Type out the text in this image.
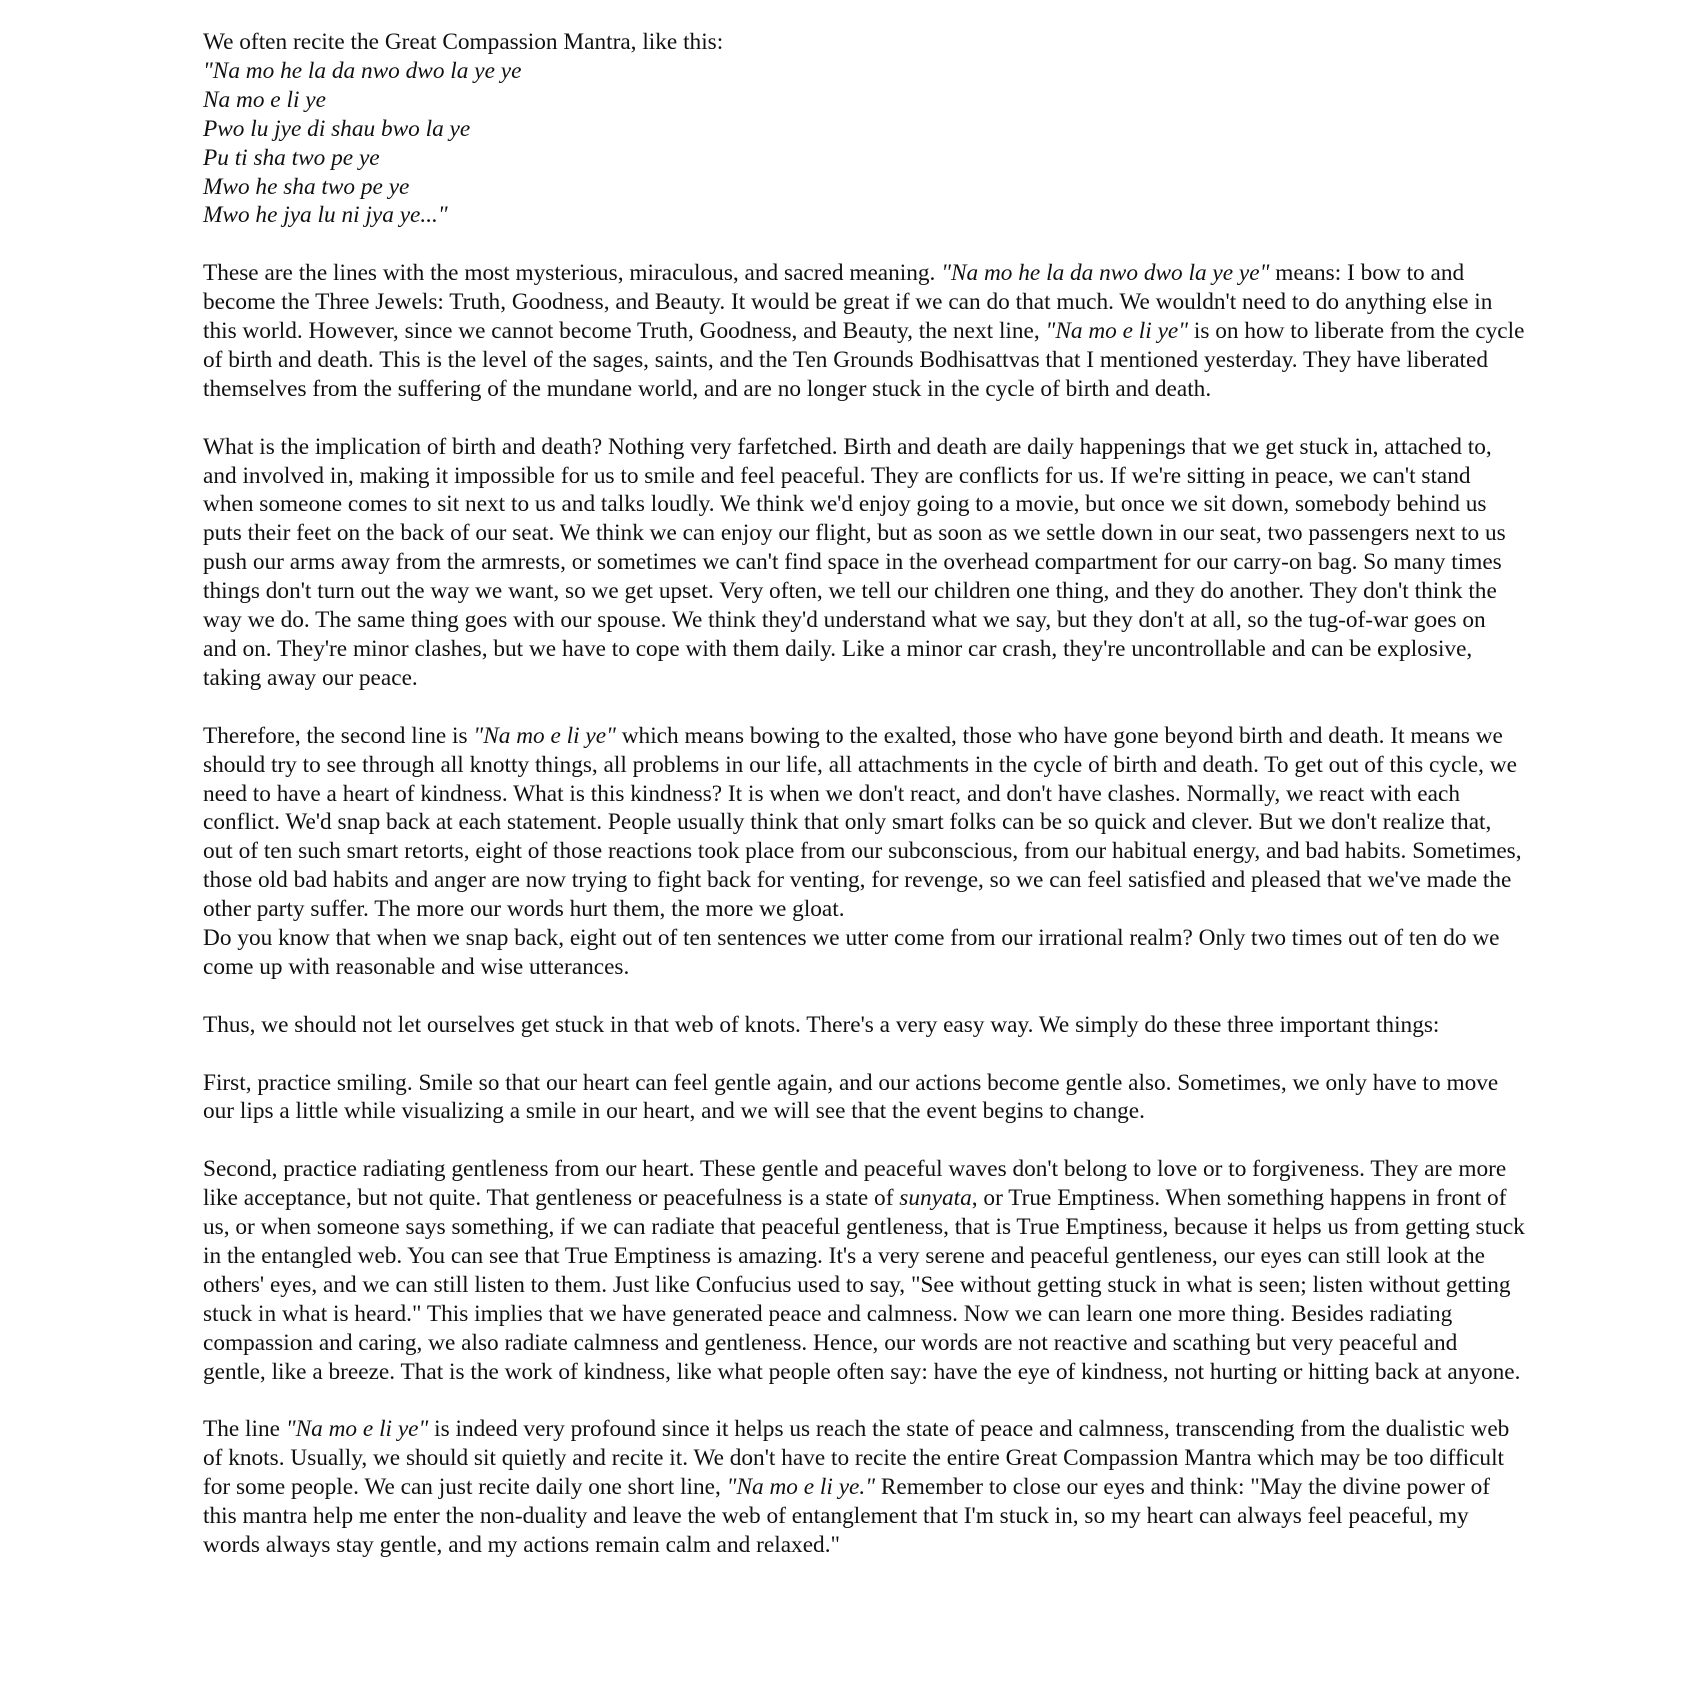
We often recite the Great Compassion Mantra, like this:
"Na mo he la da nwo dwo la ye ye
Na mo e li ye
Pwo lu jye di shau bwo la ye
Pu ti sha two pe ye
Mwo he sha two pe ye
Mwo he jya lu ni jya ye..."

These are the lines with the most mysterious, miraculous, and sacred meaning. "Na mo he la da nwo dwo la ye ye" means: I bow to and become the Three Jewels: Truth, Goodness, and Beauty. It would be great if we can do that much. We wouldn't need to do anything else in this world. However, since we cannot become Truth, Goodness, and Beauty, the next line, "Na mo e li ye" is on how to liberate from the cycle of birth and death. This is the level of the sages, saints, and the Ten Grounds Bodhisattvas that I mentioned yesterday. They have liberated themselves from the suffering of the mundane world, and are no longer stuck in the cycle of birth and death.

What is the implication of birth and death? Nothing very farfetched. Birth and death are daily happenings that we get stuck in, attached to, and involved in, making it impossible for us to smile and feel peaceful. They are conflicts for us. If we're sitting in peace, we can't stand when someone comes to sit next to us and talks loudly. We think we'd enjoy going to a movie, but once we sit down, somebody behind us puts their feet on the back of our seat. We think we can enjoy our flight, but as soon as we settle down in our seat, two passengers next to us push our arms away from the armrests, or sometimes we can't find space in the overhead compartment for our carry-on bag. So many times things don't turn out the way we want, so we get upset. Very often, we tell our children one thing, and they do another. They don't think the way we do. The same thing goes with our spouse. We think they'd understand what we say, but they don't at all, so the tug-of-war goes on and on. They're minor clashes, but we have to cope with them daily. Like a minor car crash, they're uncontrollable and can be explosive, taking away our peace.

Therefore, the second line is "Na mo e li ye" which means bowing to the exalted, those who have gone beyond birth and death. It means we should try to see through all knotty things, all problems in our life, all attachments in the cycle of birth and death. To get out of this cycle, we need to have a heart of kindness. What is this kindness? It is when we don't react, and don't have clashes. Normally, we react with each conflict. We'd snap back at each statement. People usually think that only smart folks can be so quick and clever. But we don't realize that, out of ten such smart retorts, eight of those reactions took place from our subconscious, from our habitual energy, and bad habits. Sometimes, those old bad habits and anger are now trying to fight back for venting, for revenge, so we can feel satisfied and pleased that we've made the other party suffer. The more our words hurt them, the more we gloat.

Do you know that when we snap back, eight out of ten sentences we utter come from our irrational realm? Only two times out of ten do we come up with reasonable and wise utterances.

Thus, we should not let ourselves get stuck in that web of knots. There's a very easy way. We simply do these three important things:

First, practice smiling. Smile so that our heart can feel gentle again, and our actions become gentle also. Sometimes, we only have to move our lips a little while visualizing a smile in our heart, and we will see that the event begins to change.

Second, practice radiating gentleness from our heart. These gentle and peaceful waves don't belong to love or to forgiveness. They are more like acceptance, but not quite. That gentleness or peacefulness is a state of sunyata, or True Emptiness. When something happens in front of us, or when someone says something, if we can radiate that peaceful gentleness, that is True Emptiness, because it helps us from getting stuck in the entangled web. You can see that True Emptiness is amazing. It's a very serene and peaceful gentleness, our eyes can still look at the others' eyes, and we can still listen to them. Just like Confucius used to say, "See without getting stuck in what is seen; listen without getting stuck in what is heard." This implies that we have generated peace and calmness. Now we can learn one more thing. Besides radiating compassion and caring, we also radiate calmness and gentleness. Hence, our words are not reactive and scathing but very peaceful and gentle, like a breeze. That is the work of kindness, like what people often say: have the eye of kindness, not hurting or hitting back at anyone.

The line "Na mo e li ye" is indeed very profound since it helps us reach the state of peace and calmness, transcending from the dualistic web of knots. Usually, we should sit quietly and recite it. We don't have to recite the entire Great Compassion Mantra which may be too difficult for some people. We can just recite daily one short line, "Na mo e li ye." Remember to close our eyes and think: "May the divine power of this mantra help me enter the non-duality and leave the web of entanglement that I'm stuck in, so my heart can always feel peaceful, my words always stay gentle, and my actions remain calm and relaxed."
